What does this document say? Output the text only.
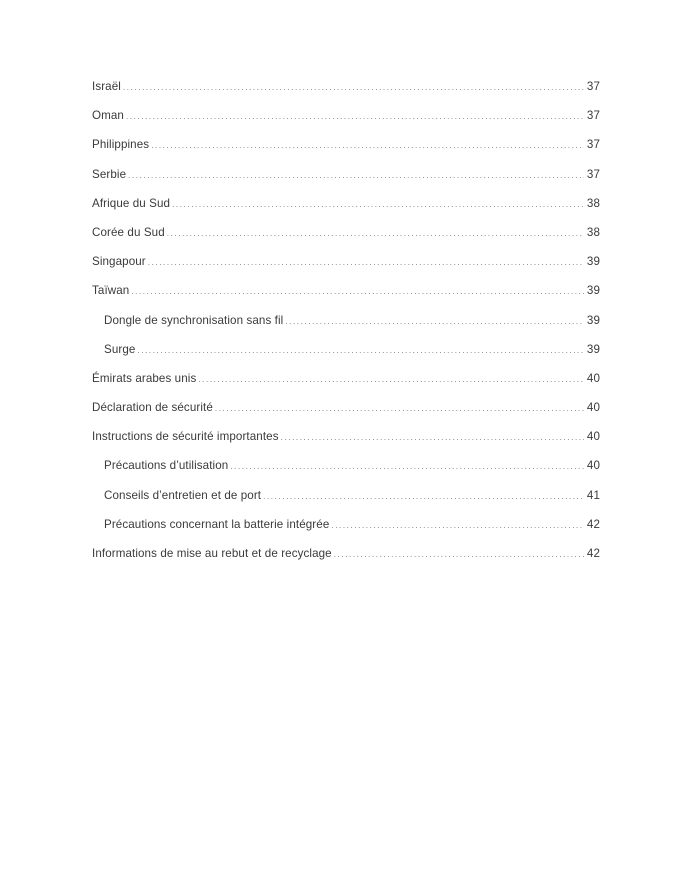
Israël .....	37
Oman .....	37
Philippines .....	37
Serbie .....	37
Afrique du Sud .....	38
Corée du Sud .....	38
Singapour .....	39
Taïwan .....	39
Dongle de synchronisation sans fil .....	39
Surge .....	39
Émirats arabes unis .....	40
Déclaration de sécurité .....	40
Instructions de sécurité importantes .....	40
Précautions d’utilisation .....	40
Conseils d’entretien et de port .....	41
Précautions concernant la batterie intégrée .....	42
Informations de mise au rebut et de recyclage .....	42
